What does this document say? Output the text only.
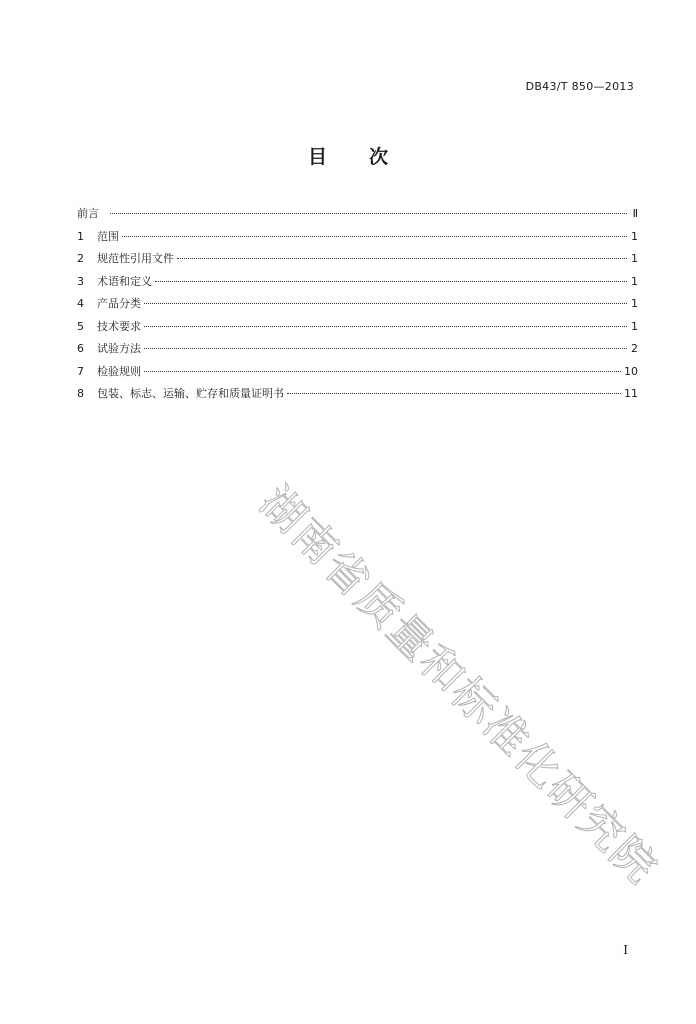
DB43/T 850—2013
目 次
前言	Ⅱ
1	范围	1
2	规范性引用文件	1
3	术语和定义	1
4	产品分类	1
5	技术要求	1
6	试验方法	2
7	检验规则	10
8	包装、标志、运输、贮存和质量证明书	11
湖南省质量和标准化研究院
I
